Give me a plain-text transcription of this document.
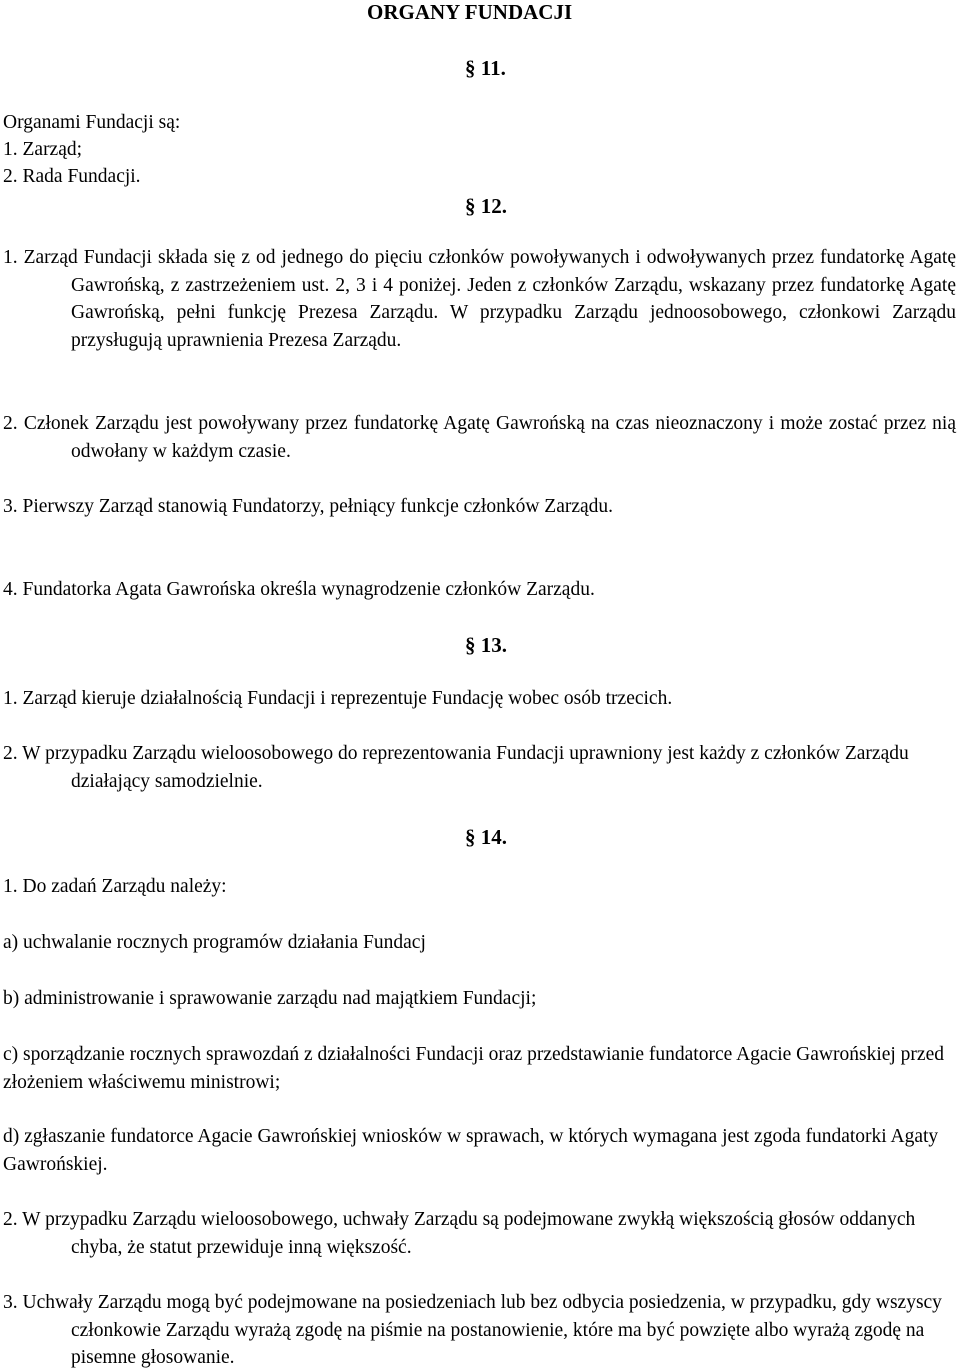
ORGANY FUNDACJI
§ 11.
Organami Fundacji są:
1. Zarząd;
2. Rada Fundacji.
§ 12.

1. Zarząd Fundacji składa się z od jednego do pięciu członków powoływanych i odwoływanych przez fundatorkę Agatę Gawrońską, z zastrzeżeniem ust. 2, 3 i 4 poniżej. Jeden z członków Zarządu, wskazany przez fundatorkę Agatę Gawrońską, pełni funkcję Prezesa Zarządu. W przypadku Zarządu jednoosobowego, członkowi Zarządu przysługują uprawnienia Prezesa Zarządu.

2. Członek Zarządu jest powoływany przez fundatorkę Agatę Gawrońską na czas nieoznaczony i może zostać przez nią odwołany w każdym czasie.

3. Pierwszy Zarząd stanowią Fundatorzy, pełniący funkcje członków Zarządu.
4. Fundatorka Agata Gawrońska określa wynagrodzenie członków Zarządu.
§ 13.
1. Zarząd kieruje działalnością Fundacji i reprezentuje Fundację wobec osób trzecich.

2. W przypadku Zarządu wieloosobowego do reprezentowania Fundacji uprawniony jest każdy z członków Zarządu działający samodzielnie.

§ 14.
1. Do zadań Zarządu należy:
a) uchwalanie rocznych programów działania Fundacj
b) administrowanie i sprawowanie zarządu nad majątkiem Fundacji;

c) sporządzanie rocznych sprawozdań z działalności Fundacji oraz przedstawianie fundatorce Agacie Gawrońskiej przed złożeniem właściwemu ministrowi;

d) zgłaszanie fundatorce Agacie Gawrońskiej wniosków w sprawach, w których wymagana jest zgoda fundatorki Agaty Gawrońskiej.

2. W przypadku Zarządu wieloosobowego, uchwały Zarządu są podejmowane zwykłą większością głosów oddanych chyba, że statut przewiduje inną większość.

3. Uchwały Zarządu mogą być podejmowane na posiedzeniach lub bez odbycia posiedzenia, w przypadku, gdy wszyscy członkowie Zarządu wyrażą zgodę na piśmie na postanowienie, które ma być powzięte albo wyrażą zgodę na pisemne głosowanie.
